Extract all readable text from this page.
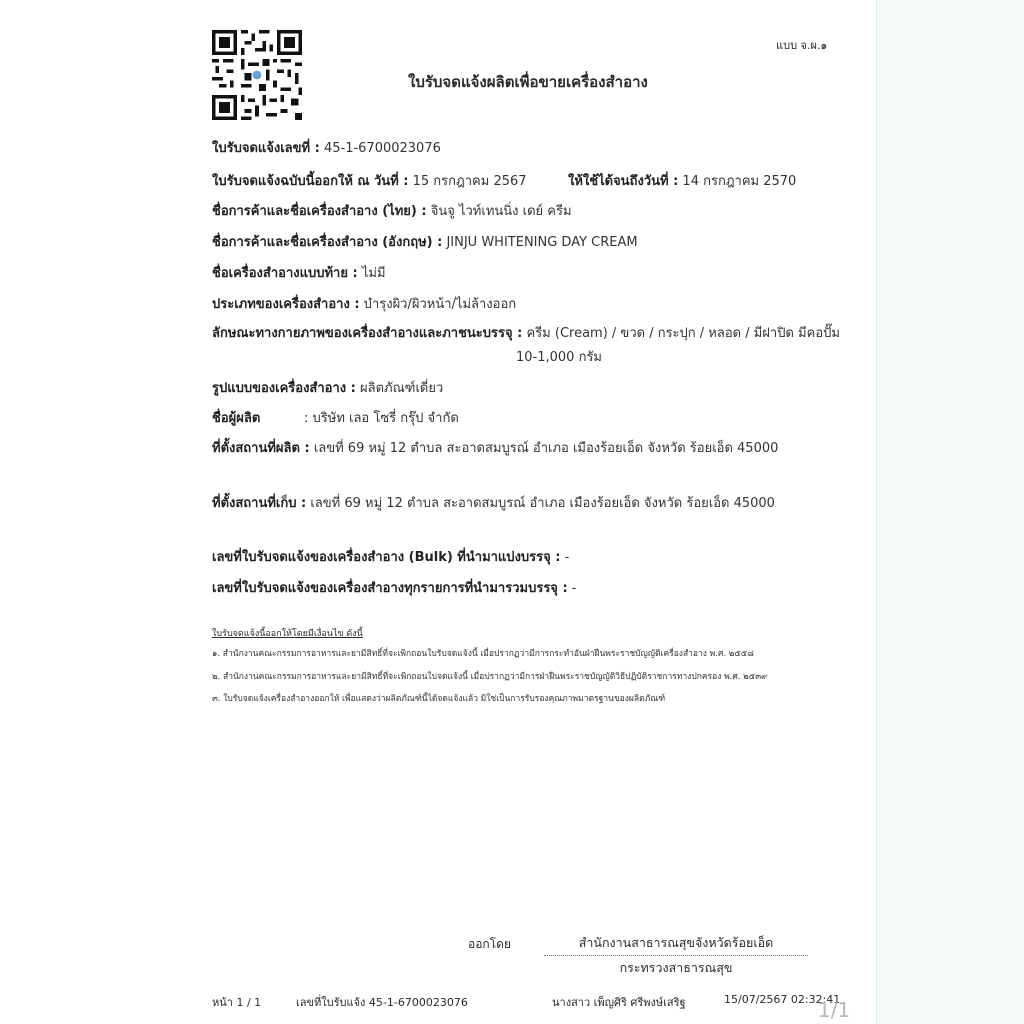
แบบ จ.ผ.๑
ใบรับจดแจ้งผลิตเพื่อขายเครื่องสำอาง
ใบรับจดแจ้งเลขที่ : 45-1-6700023076
ใบรับจดแจ้งฉบับนี้ออกให้ ณ วันที่ : 15 กรกฎาคม 2567	ให้ใช้ได้จนถึงวันที่ : 14 กรกฎาคม 2570
ชื่อการค้าและชื่อเครื่องสำอาง (ไทย) : จินจู ไวท์เทนนิ่ง เดย์ ครีม
ชื่อการค้าและชื่อเครื่องสำอาง (อังกฤษ) : JINJU WHITENING DAY CREAM
ชื่อเครื่องสำอางแบบท้าย : ไม่มี
ประเภทของเครื่องสำอาง : บำรุงผิว/ผิวหน้า/ไม่ล้างออก
ลักษณะทางกายภาพของเครื่องสำอางและภาชนะบรรจุ : ครีม (Cream) / ขวด / กระปุก / หลอด / มีฝาปิด มีคอปั๊ม
10-1,000 กรัม
รูปแบบของเครื่องสำอาง : ผลิตภัณฑ์เดี่ยว
ชื่อผู้ผลิต	: บริษัท เลอ โซรี่ กรุ๊ป จำกัด
ที่ตั้งสถานที่ผลิต : เลขที่ 69 หมู่ 12 ตำบล สะอาดสมบูรณ์ อำเภอ เมืองร้อยเอ็ด จังหวัด ร้อยเอ็ด 45000
ที่ตั้งสถานที่เก็บ : เลขที่ 69 หมู่ 12 ตำบล สะอาดสมบูรณ์ อำเภอ เมืองร้อยเอ็ด จังหวัด ร้อยเอ็ด 45000
เลขที่ใบรับจดแจ้งของเครื่องสำอาง (Bulk) ที่นำมาแบ่งบรรจุ : -
เลขที่ใบรับจดแจ้งของเครื่องสำอางทุกรายการที่นำมารวมบรรจุ : -
ใบรับจดแจ้งนี้ออกให้โดยมีเงื่อนไข ดังนี้
๑. สำนักงานคณะกรรมการอาหารและยามีสิทธิ์ที่จะเพิกถอนใบรับจดแจ้งนี้ เมื่อปรากฏว่ามีการกระทำอันฝ่าฝืนพระราชบัญญัติเครื่องสำอาง พ.ศ. ๒๕๕๘
๒. สำนักงานคณะกรรมการอาหารและยามีสิทธิ์ที่จะเพิกถอนใบจดแจ้งนี้ เมื่อปรากฏว่ามีการฝ่าฝืนพระราชบัญญัติวิธีปฏิบัติราชการทางปกครอง พ.ศ. ๒๕๓๙
๓. ใบรับจดแจ้งเครื่องสำอางออกให้ เพื่อแสดงว่าผลิตภัณฑ์นี้ได้จดแจ้งแล้ว มิใช่เป็นการรับรองคุณภาพมาตรฐานของผลิตภัณฑ์
ออกโดย	สำนักงานสาธารณสุขจังหวัดร้อยเอ็ด
กระทรวงสาธารณสุข
หน้า 1 / 1	เลขที่ใบรับแจ้ง 45-1-6700023076	นางสาว เพ็ญศิริ ศรีพงษ์เสริฐ	15/07/2567 02:32:41
1/1
